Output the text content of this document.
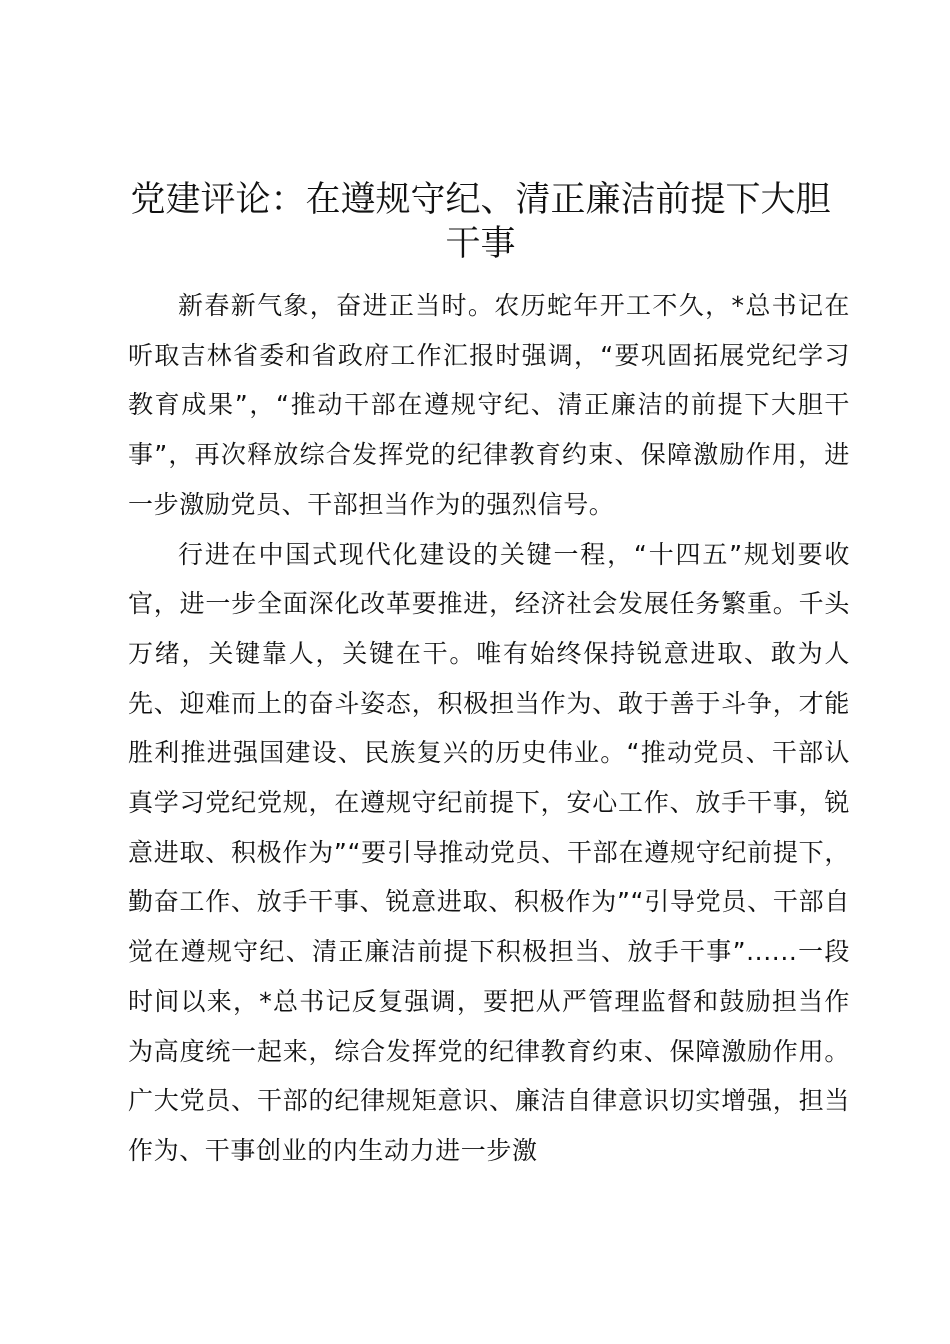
党建评论：在遵规守纪、清正廉洁前提下大胆干事

新春新气象，奋进正当时。农历蛇年开工不久，*总书记在听取吉林省委和省政府工作汇报时强调，“要巩固拓展党纪学习教育成果”，“推动干部在遵规守纪、清正廉洁的前提下大胆干事”，再次释放综合发挥党的纪律教育约束、保障激励作用，进一步激励党员、干部担当作为的强烈信号。

行进在中国式现代化建设的关键一程，“十四五”规划要收官，进一步全面深化改革要推进，经济社会发展任务繁重。千头万绪，关键靠人，关键在干。唯有始终保持锐意进取、敢为人先、迎难而上的奋斗姿态，积极担当作为、敢于善于斗争，才能胜利推进强国建设、民族复兴的历史伟业。“推动党员、干部认真学习党纪党规，在遵规守纪前提下，安心工作、放手干事，锐意进取、积极作为”“要引导推动党员、干部在遵规守纪前提下，勤奋工作、放手干事、锐意进取、积极作为”“引导党员、干部自觉在遵规守纪、清正廉洁前提下积极担当、放手干事”......一段时间以来，*总书记反复强调，要把从严管理监督和鼓励担当作为高度统一起来，综合发挥党的纪律教育约束、保障激励作用。广大党员、干部的纪律规矩意识、廉洁自律意识切实增强，担当作为、干事创业的内生动力进一步激
